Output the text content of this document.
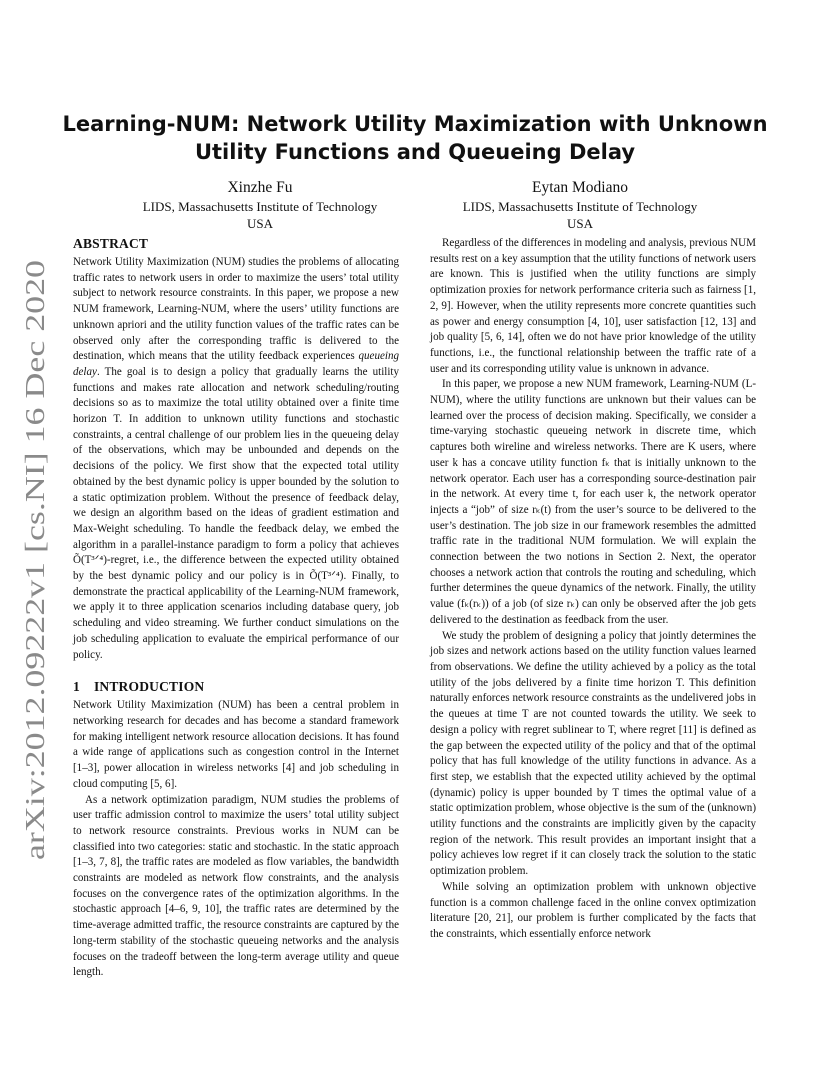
arXiv:2012.09222v1 [cs.NI] 16 Dec 2020
Learning-NUM: Network Utility Maximization with Unknown
Utility Functions and Queueing Delay
Xinzhe Fu
LIDS, Massachusetts Institute of Technology
USA
Eytan Modiano
LIDS, Massachusetts Institute of Technology
USA
ABSTRACT

Network Utility Maximization (NUM) studies the problems of allocating traffic rates to network users in order to maximize the users’ total utility subject to network resource constraints. In this paper, we propose a new NUM framework, Learning-NUM, where the users’ utility functions are unknown apriori and the utility function values of the traffic rates can be observed only after the corresponding traffic is delivered to the destination, which means that the utility feedback experiences queueing delay. The goal is to design a policy that gradually learns the utility functions and makes rate allocation and network scheduling/routing decisions so as to maximize the total utility obtained over a finite time horizon T. In addition to unknown utility functions and stochastic constraints, a central challenge of our problem lies in the queueing delay of the observations, which may be unbounded and depends on the decisions of the policy. We first show that the expected total utility obtained by the best dynamic policy is upper bounded by the solution to a static optimization problem. Without the presence of feedback delay, we design an algorithm based on the ideas of gradient estimation and Max-Weight scheduling. To handle the feedback delay, we embed the algorithm in a parallel-instance paradigm to form a policy that achieves Õ(T³ᐟ⁴)-regret, i.e., the difference between the expected utility obtained by the best dynamic policy and our policy is in Õ(T³ᐟ⁴). Finally, to demonstrate the practical applicability of the Learning-NUM framework, we apply it to three application scenarios including database query, job scheduling and video streaming. We further conduct simulations on the job scheduling application to evaluate the empirical performance of our policy.

1 INTRODUCTION

Network Utility Maximization (NUM) has been a central problem in networking research for decades and has become a standard framework for making intelligent network resource allocation decisions. It has found a wide range of applications such as congestion control in the Internet [1–3], power allocation in wireless networks [4] and job scheduling in cloud computing [5, 6].

As a network optimization paradigm, NUM studies the problems of user traffic admission control to maximize the users’ total utility subject to network resource constraints. Previous works in NUM can be classified into two categories: static and stochastic. In the static approach [1–3, 7, 8], the traffic rates are modeled as flow variables, the bandwidth constraints are modeled as network flow constraints, and the analysis focuses on the convergence rates of the optimization algorithms. In the stochastic approach [4–6, 9, 10], the traffic rates are determined by the time-average admitted traffic, the resource constraints are captured by the long-term stability of the stochastic queueing networks and the analysis focuses on the tradeoff between the long-term average utility and queue length.

Regardless of the differences in modeling and analysis, previous NUM results rest on a key assumption that the utility functions of network users are known. This is justified when the utility functions are simply optimization proxies for network performance criteria such as fairness [1, 2, 9]. However, when the utility represents more concrete quantities such as power and energy consumption [4, 10], user satisfaction [12, 13] and job quality [5, 6, 14], often we do not have prior knowledge of the utility functions, i.e., the functional relationship between the traffic rate of a user and its corresponding utility value is unknown in advance.

In this paper, we propose a new NUM framework, Learning-NUM (L-NUM), where the utility functions are unknown but their values can be learned over the process of decision making. Specifically, we consider a time-varying stochastic queueing network in discrete time, which captures both wireline and wireless networks. There are K users, where user k has a concave utility function fₖ that is initially unknown to the network operator. Each user has a corresponding source-destination pair in the network. At every time t, for each user k, the network operator injects a “job” of size rₖ(t) from the user’s source to be delivered to the user’s destination. The job size in our framework resembles the admitted traffic rate in the traditional NUM formulation. We will explain the connection between the two notions in Section 2. Next, the operator chooses a network action that controls the routing and scheduling, which further determines the queue dynamics of the network. Finally, the utility value (fₖ(rₖ)) of a job (of size rₖ) can only be observed after the job gets delivered to the destination as feedback from the user.

We study the problem of designing a policy that jointly determines the job sizes and network actions based on the utility function values learned from observations. We define the utility achieved by a policy as the total utility of the jobs delivered by a finite time horizon T. This definition naturally enforces network resource constraints as the undelivered jobs in the queues at time T are not counted towards the utility. We seek to design a policy with regret sublinear to T, where regret [11] is defined as the gap between the expected utility of the policy and that of the optimal policy that has full knowledge of the utility functions in advance. As a first step, we establish that the expected utility achieved by the optimal (dynamic) policy is upper bounded by T times the optimal value of a static optimization problem, whose objective is the sum of the (unknown) utility functions and the constraints are implicitly given by the capacity region of the network. This result provides an important insight that a policy achieves low regret if it can closely track the solution to the static optimization problem.

While solving an optimization problem with unknown objective function is a common challenge faced in the online convex optimization literature [20, 21], our problem is further complicated by the facts that the constraints, which essentially enforce network
